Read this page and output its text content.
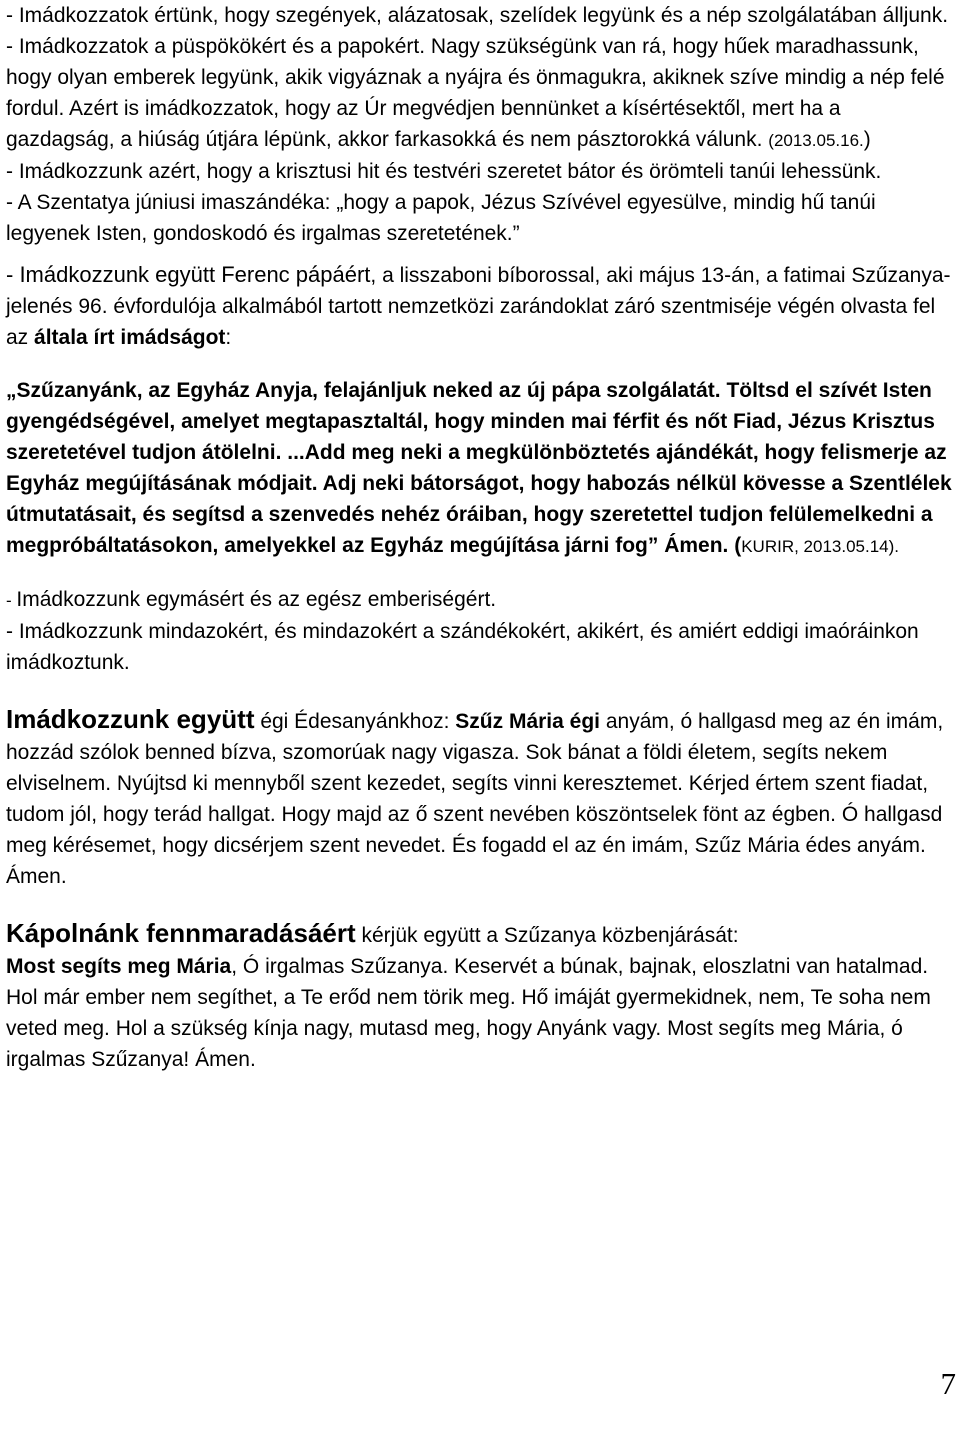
- Imádkozzatok értünk, hogy szegények, alázatosak, szelídek legyünk és a nép szolgálatában álljunk.

- Imádkozzatok a püspökökért és a papokért. Nagy szükségünk van rá, hogy hűek maradhassunk, hogy olyan emberek legyünk, akik vigyáznak a nyájra és önmagukra, akiknek szíve mindig a nép felé fordul. Azért is imádkozzatok, hogy az Úr megvédjen bennünket a kísértésektől, mert ha a gazdagság, a hiúság útjára lépünk, akkor farkasokká és nem pásztorokká válunk. (2013.05.16.)

- Imádkozzunk azért, hogy a krisztusi hit és testvéri szeretet bátor és örömteli tanúi lehessünk.

- A Szentatya júniusi imaszándéka: „hogy a papok, Jézus Szívével egyesülve, mindig hű tanúi legyenek Isten, gondoskodó és irgalmas szeretetének.”

- Imádkozzunk együtt Ferenc pápáért, a lisszaboni bíborossal, aki május 13-án, a fatimai Szűzanya-jelenés 96. évfordulója alkalmából tartott nemzetközi zarándoklat záró szentmiséje végén olvasta fel az általa írt imádságot:

„Szűzanyánk, az Egyház Anyja, felajánljuk neked az új pápa szolgálatát. Töltsd el szívét Isten gyengédségével, amelyet megtapasztaltál, hogy minden mai férfit és nőt Fiad, Jézus Krisztus szeretetével tudjon átölelni. ...Add meg neki a megkülönböztetés ajándékát, hogy felismerje az Egyház megújításának módjait. Adj neki bátorságot, hogy habozás nélkül kövesse a Szentlélek útmutatásait, és segítsd a szenvedés nehéz óráiban, hogy szeretettel tudjon felülemelkedni a megpróbáltatásokon, amelyekkel az Egyház megújítása járni fog” Ámen. (KURIR, 2013.05.14).

- Imádkozzunk egymásért és az egész emberiségért.

- Imádkozzunk mindazokért, és mindazokért a szándékokért, akikért, és amiért eddigi imaóráinkon imádkoztunk.

Imádkozzunk együtt égi Édesanyánkhoz: Szűz Mária égi anyám, ó hallgasd meg az én imám, hozzád szólok benned bízva, szomorúak nagy vigasza. Sok bánat a földi életem, segíts nekem elviselnem. Nyújtsd ki mennyből szent kezedet, segíts vinni keresztemet. Kérjed értem szent fiadat, tudom jól, hogy terád hallgat. Hogy majd az ő szent nevében köszöntselek fönt az égben. Ó hallgasd meg kérésemet, hogy dicsérjem szent nevedet. És fogadd el az én imám, Szűz Mária édes anyám. Ámen.

Kápolnánk fennmaradásáért kérjük együtt a Szűzanya közbenjárását:
Most segíts meg Mária, Ó irgalmas Szűzanya. Keservét a búnak, bajnak, eloszlatni van hatalmad. Hol már ember nem segíthet, a Te erőd nem törik meg. Hő imáját gyermekidnek, nem, Te soha nem veted meg. Hol a szükség kínja nagy, mutasd meg, hogy Anyánk vagy. Most segíts meg Mária, ó irgalmas Szűzanya! Ámen.

7
